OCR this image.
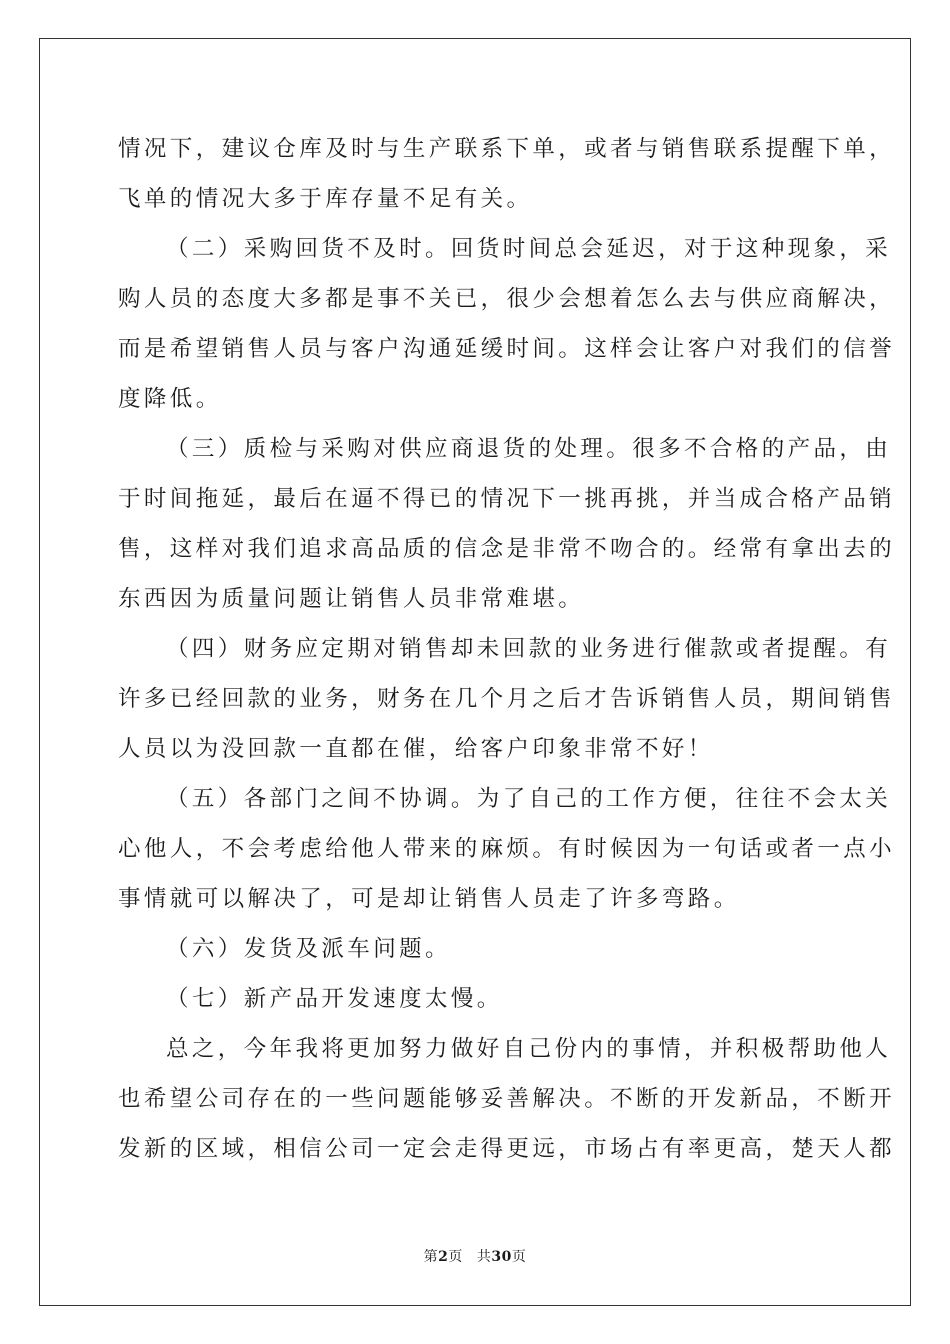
情况下，建议仓库及时与生产联系下单，或者与销售联系提醒下单，
飞单的情况大多于库存量不足有关。
（二）采购回货不及时。回货时间总会延迟，对于这种现象，采
购人员的态度大多都是事不关已，很少会想着怎么去与供应商解决，
而是希望销售人员与客户沟通延缓时间。这样会让客户对我们的信誉
度降低。
（三）质检与采购对供应商退货的处理。很多不合格的产品，由
于时间拖延，最后在逼不得已的情况下一挑再挑，并当成合格产品销
售，这样对我们追求高品质的信念是非常不吻合的。经常有拿出去的
东西因为质量问题让销售人员非常难堪。
（四）财务应定期对销售却未回款的业务进行催款或者提醒。有
许多已经回款的业务，财务在几个月之后才告诉销售人员，期间销售
人员以为没回款一直都在催，给客户印象非常不好！
（五）各部门之间不协调。为了自己的工作方便，往往不会太关
心他人，不会考虑给他人带来的麻烦。有时候因为一句话或者一点小
事情就可以解决了，可是却让销售人员走了许多弯路。
（六）发货及派车问题。
（七）新产品开发速度太慢。
总之，今年我将更加努力做好自己份内的事情，并积极帮助他人
也希望公司存在的一些问题能够妥善解决。不断的开发新品，不断开
发新的区域，相信公司一定会走得更远，市场占有率更高，楚天人都
第2页 共30页
